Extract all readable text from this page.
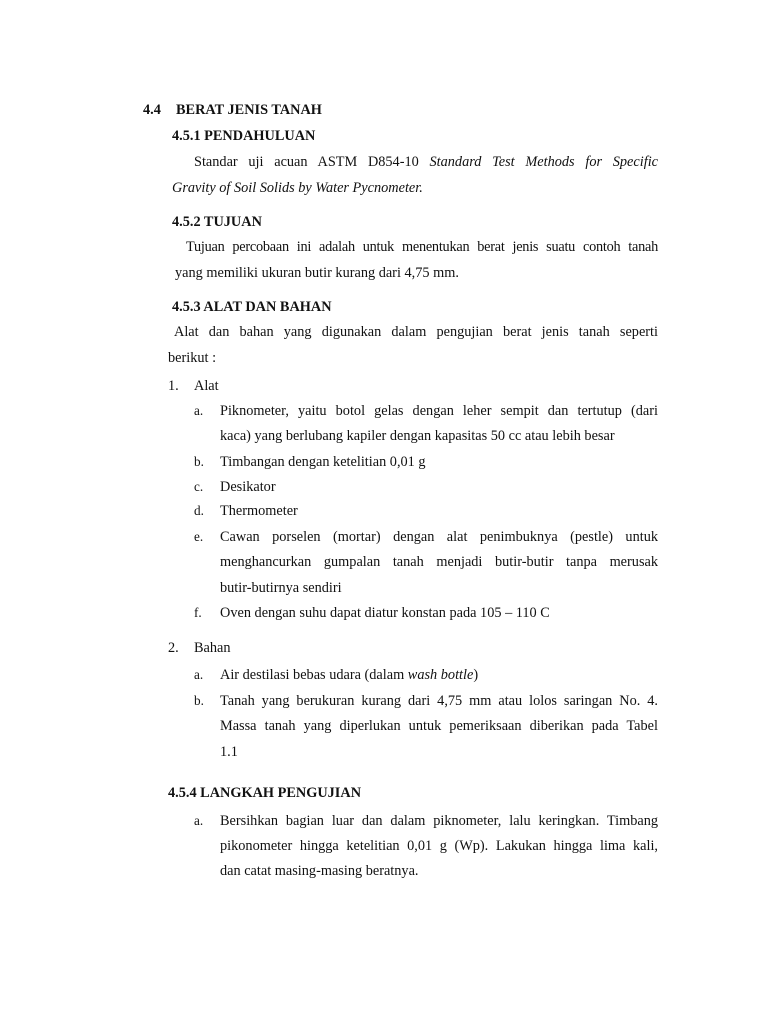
4.4 BERAT JENIS TANAH
4.5.1 PENDAHULUAN
Standar uji acuan ASTM D854-10 Standard Test Methods for Specific
Gravity of Soil Solids by Water Pycnometer.
4.5.2 TUJUAN
Tujuan percobaan ini adalah untuk menentukan berat jenis suatu contoh tanah
yang memiliki ukuran butir kurang dari 4,75 mm.
4.5.3 ALAT DAN BAHAN
Alat dan bahan yang digunakan dalam pengujian berat jenis tanah seperti
berikut :
1. Alat
a. Piknometer, yaitu botol gelas dengan leher sempit dan tertutup (dari
kaca) yang berlubang kapiler dengan kapasitas 50 cc atau lebih besar
b. Timbangan dengan ketelitian 0,01 g
c. Desikator
d. Thermometer
e. Cawan porselen (mortar) dengan alat penimbuknya (pestle) untuk
menghancurkan gumpalan tanah menjadi butir-butir tanpa merusak
butir-butirnya sendiri
f. Oven dengan suhu dapat diatur konstan pada 105 – 110 C
2. Bahan
a. Air destilasi bebas udara (dalam wash bottle)
b. Tanah yang berukuran kurang dari 4,75 mm atau lolos saringan No. 4.
Massa tanah yang diperlukan untuk pemeriksaan diberikan pada Tabel
1.1
4.5.4 LANGKAH PENGUJIAN
a. Bersihkan bagian luar dan dalam piknometer, lalu keringkan. Timbang
pikonometer hingga ketelitian 0,01 g (Wp). Lakukan hingga lima kali,
dan catat masing-masing beratnya.
